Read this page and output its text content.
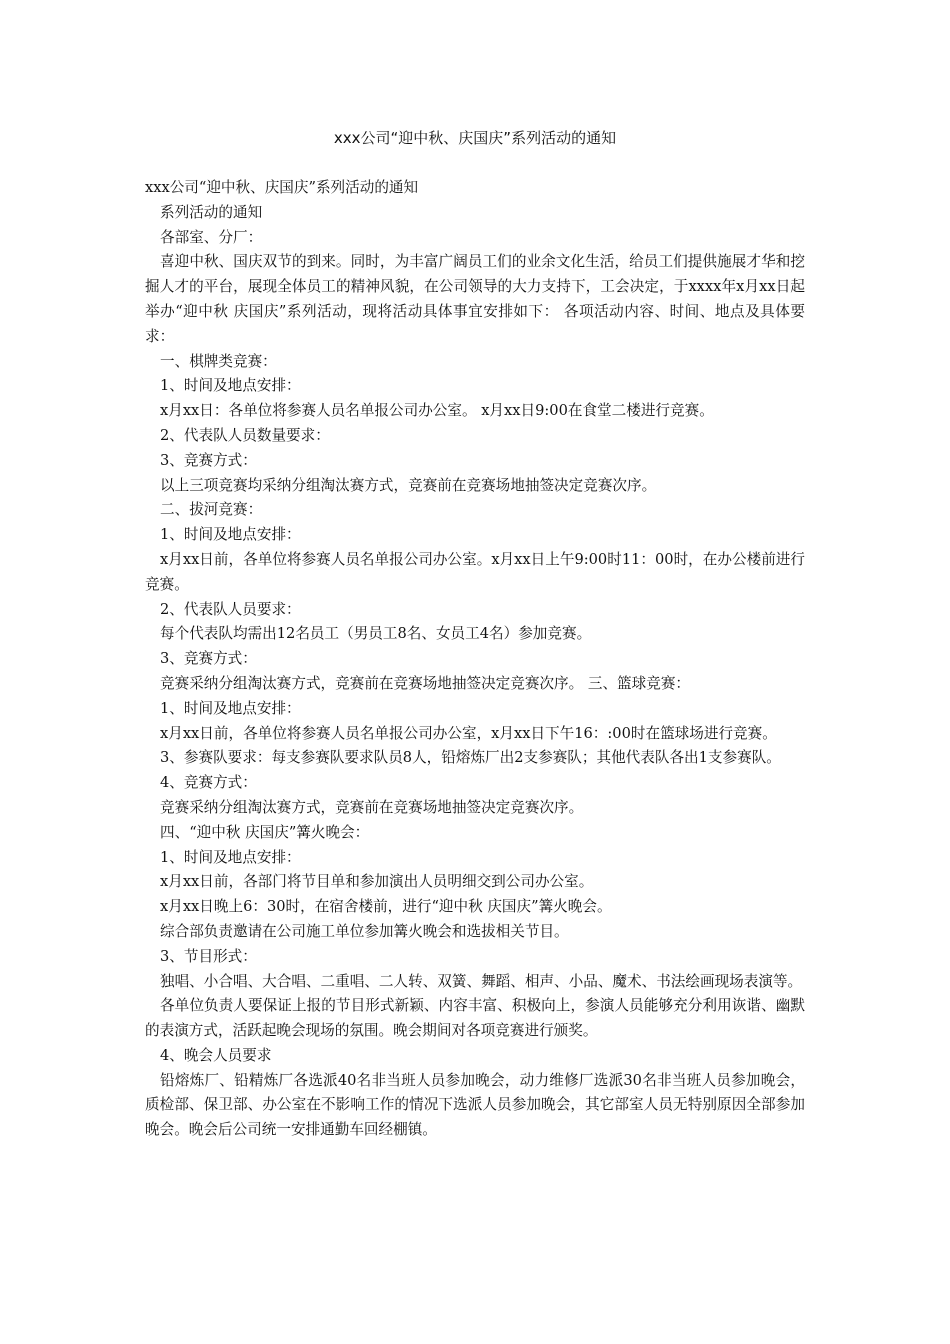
xxx公司“迎中秋、庆国庆”系列活动的通知

xxx公司“迎中秋、庆国庆”系列活动的通知

系列活动的通知

各部室、分厂：

喜迎中秋、国庆双节的到来。同时，为丰富广阔员工们的业余文化生活，给员工们提供施展才华和挖掘人才的平台，展现全体员工的精神风貌，在公司领导的大力支持下，工会决定，于xxxx年x月xx日起举办“迎中秋 庆国庆”系列活动，现将活动具体事宜安排如下： 各项活动内容、时间、地点及具体要求：

一、棋牌类竞赛：

1、时间及地点安排：

x月xx日：各单位将参赛人员名单报公司办公室。 x月xx日9:00在食堂二楼进行竞赛。

2、代表队人员数量要求：

3、竞赛方式：

以上三项竞赛均采纳分组淘汰赛方式，竞赛前在竞赛场地抽签决定竞赛次序。

二、拔河竞赛：

1、时间及地点安排：

x月xx日前，各单位将参赛人员名单报公司办公室。x月xx日上午9:00时11：00时，在办公楼前进行竞赛。

2、代表队人员要求：

每个代表队均需出12名员工（男员工8名、女员工4名）参加竞赛。

3、竞赛方式：

竞赛采纳分组淘汰赛方式，竞赛前在竞赛场地抽签决定竞赛次序。 三、篮球竞赛：

1、时间及地点安排：

x月xx日前，各单位将参赛人员名单报公司办公室，x月xx日下午16：:00时在篮球场进行竞赛。

3、参赛队要求：每支参赛队要求队员8人，铅熔炼厂出2支参赛队；其他代表队各出1支参赛队。

4、竞赛方式：

竞赛采纳分组淘汰赛方式，竞赛前在竞赛场地抽签决定竞赛次序。

四、“迎中秋 庆国庆”篝火晚会：

1、时间及地点安排：

x月xx日前，各部门将节目单和参加演出人员明细交到公司办公室。

x月xx日晚上6：30时，在宿舍楼前，进行“迎中秋 庆国庆”篝火晚会。

综合部负责邀请在公司施工单位参加篝火晚会和选拔相关节目。

3、节目形式：

独唱、小合唱、大合唱、二重唱、二人转、双簧、舞蹈、相声、小品、魔术、书法绘画现场表演等。

各单位负责人要保证上报的节目形式新颖、内容丰富、积极向上，参演人员能够充分利用诙谐、幽默的表演方式，活跃起晚会现场的氛围。晚会期间对各项竞赛进行颁奖。

4、晚会人员要求

铅熔炼厂、铅精炼厂各选派40名非当班人员参加晚会，动力维修厂选派30名非当班人员参加晚会，质检部、保卫部、办公室在不影响工作的情况下选派人员参加晚会，其它部室人员无特别原因全部参加晚会。晚会后公司统一安排通勤车回经棚镇。
